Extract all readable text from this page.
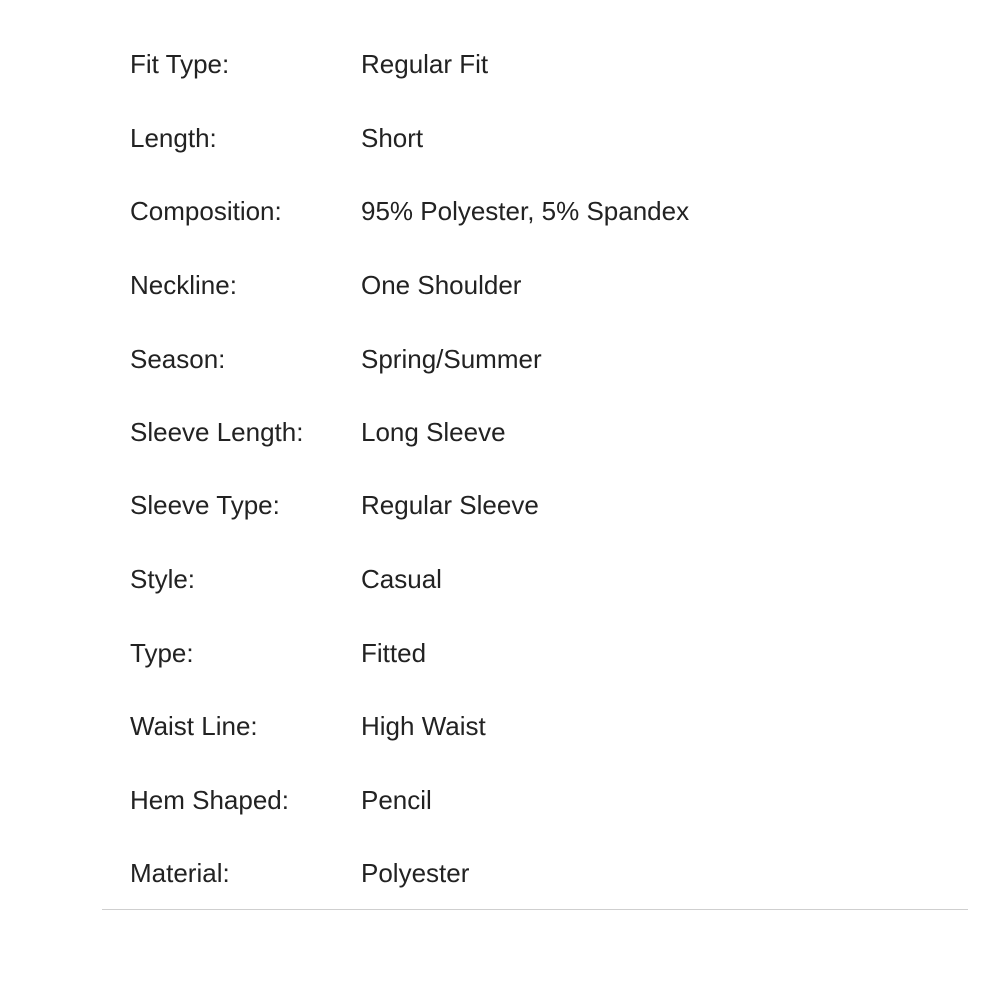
Fit Type:	Regular Fit
Length:	Short
Composition:	95% Polyester, 5% Spandex
Neckline:	One Shoulder
Season:	Spring/Summer
Sleeve Length: Long Sleeve
Sleeve Type:	Regular Sleeve
Style:	Casual
Type:	Fitted
Waist Line:	High Waist
Hem Shaped:	Pencil
Material:	Polyester
